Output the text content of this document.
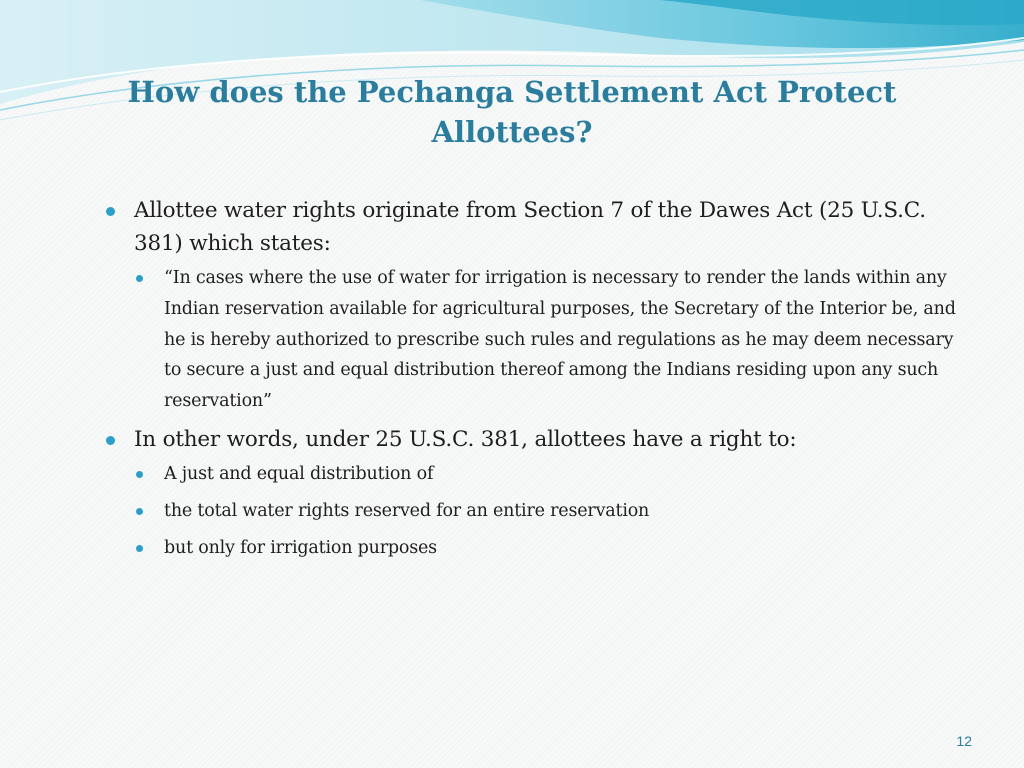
How does the Pechanga Settlement Act Protect Allottees?
Allottee water rights originate from Section 7 of the Dawes Act (25 U.S.C. 381) which states:
“In cases where the use of water for irrigation is necessary to render the lands within any Indian reservation available for agricultural purposes, the Secretary of the Interior be, and he is hereby authorized to prescribe such rules and regulations as he may deem necessary to secure a just and equal distribution thereof among the Indians residing upon any such reservation”
In other words, under 25 U.S.C. 381, allottees have a right to:
A just and equal distribution of
the total water rights reserved for an entire reservation
but only for irrigation purposes
12
